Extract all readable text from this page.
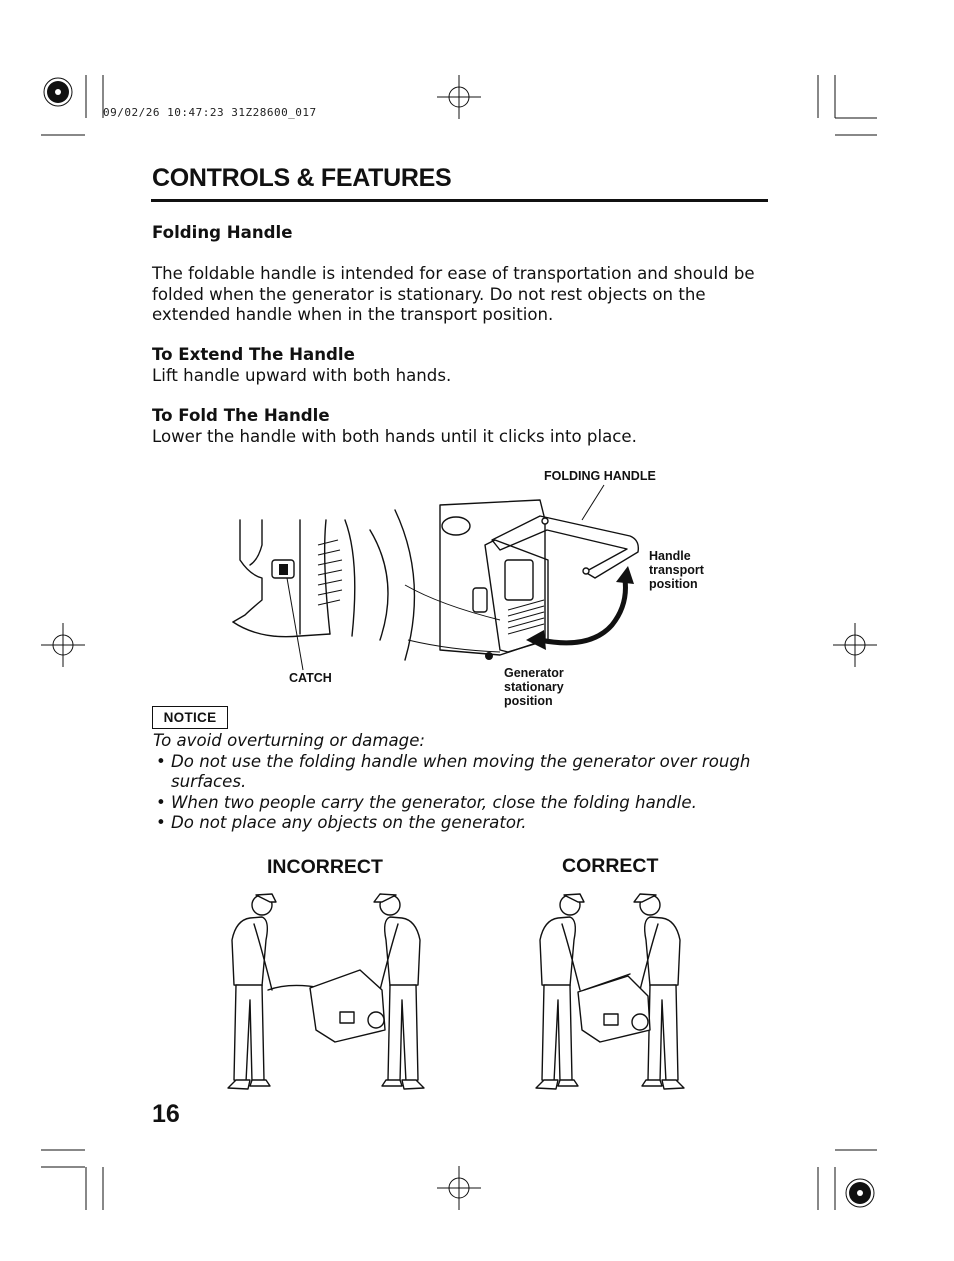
09/02/26 10:47:23 31Z28600_017
CONTROLS & FEATURES
Folding Handle
The foldable handle is intended for ease of transportation and should be folded when the generator is stationary. Do not rest objects on the extended handle when in the transport position.
To Extend The Handle
Lift handle upward with both hands.
To Fold The Handle
Lower the handle with both hands until it clicks into place.
FOLDING HANDLE
Handle
transport
position
CATCH	Generator
stationary
position
NOTICE
To avoid overturning or damage:
• Do not use the folding handle when moving the generator over rough surfaces.
• When two people carry the generator, close the folding handle.
• Do not place any objects on the generator.
INCORRECT	CORRECT
16
